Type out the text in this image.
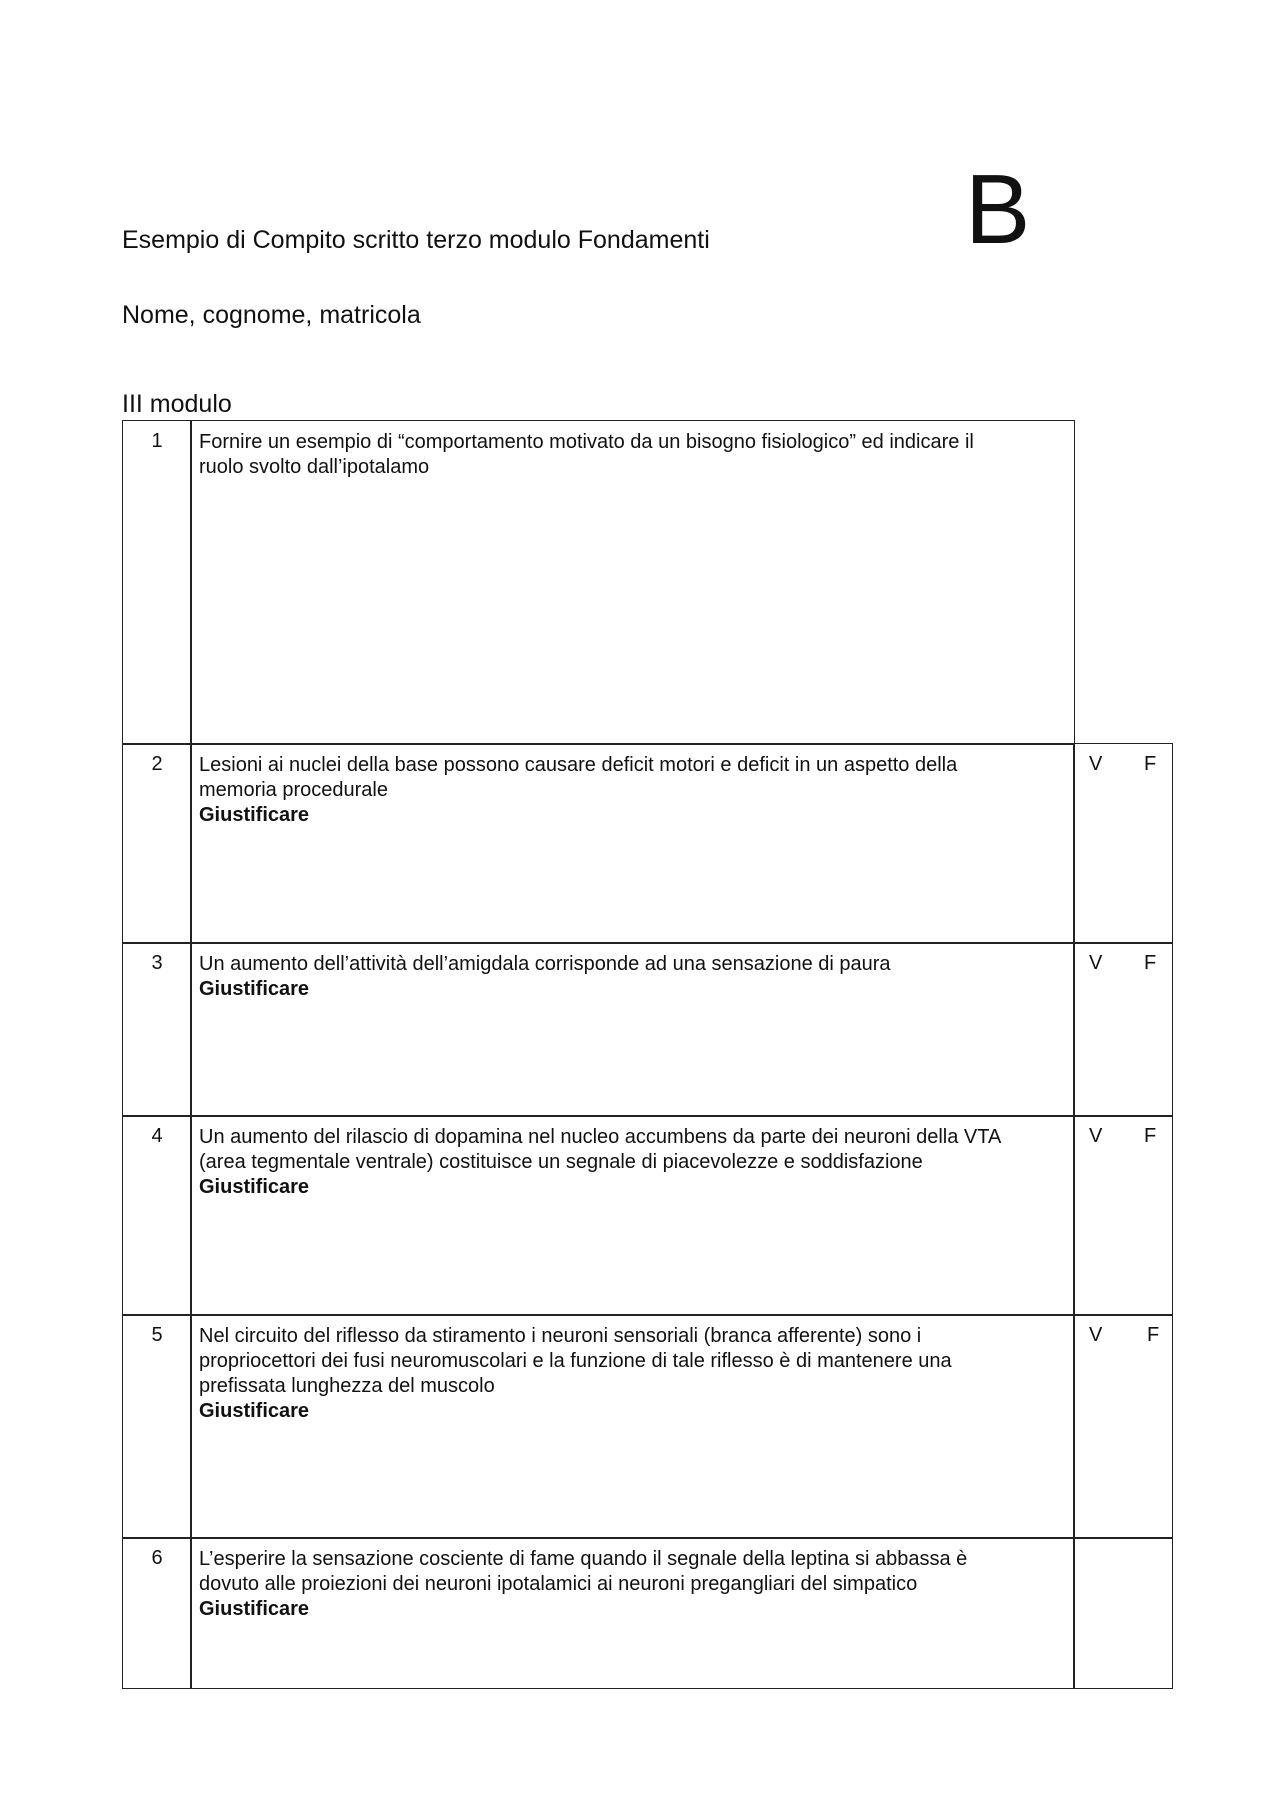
Esempio di Compito scritto terzo modulo Fondamenti	B
Nome, cognome, matricola
III modulo
1	Fornire un esempio di “comportamento motivato da un bisogno fisiologico” ed indicare il
ruolo svolto dall’ipotalamo
2	Lesioni ai nuclei della base possono causare deficit motori e deficit in un aspetto della
memoria procedurale
Giustificare
V F
3	Un aumento dell’attività dell’amigdala corrisponde ad una sensazione di paura
Giustificare
V F
4	Un aumento del rilascio di dopamina nel nucleo accumbens da parte dei neuroni della VTA
(area tegmentale ventrale) costituisce un segnale di piacevolezze e soddisfazione
Giustificare
V F
5	Nel circuito del riflesso da stiramento i neuroni sensoriali (branca afferente) sono i
propriocettori dei fusi neuromuscolari e la funzione di tale riflesso è di mantenere una
prefissata lunghezza del muscolo
Giustificare
V F
6	L’esperire la sensazione cosciente di fame quando il segnale della leptina si abbassa è
dovuto alle proiezioni dei neuroni ipotalamici ai neuroni pregangliari del simpatico
Giustificare
